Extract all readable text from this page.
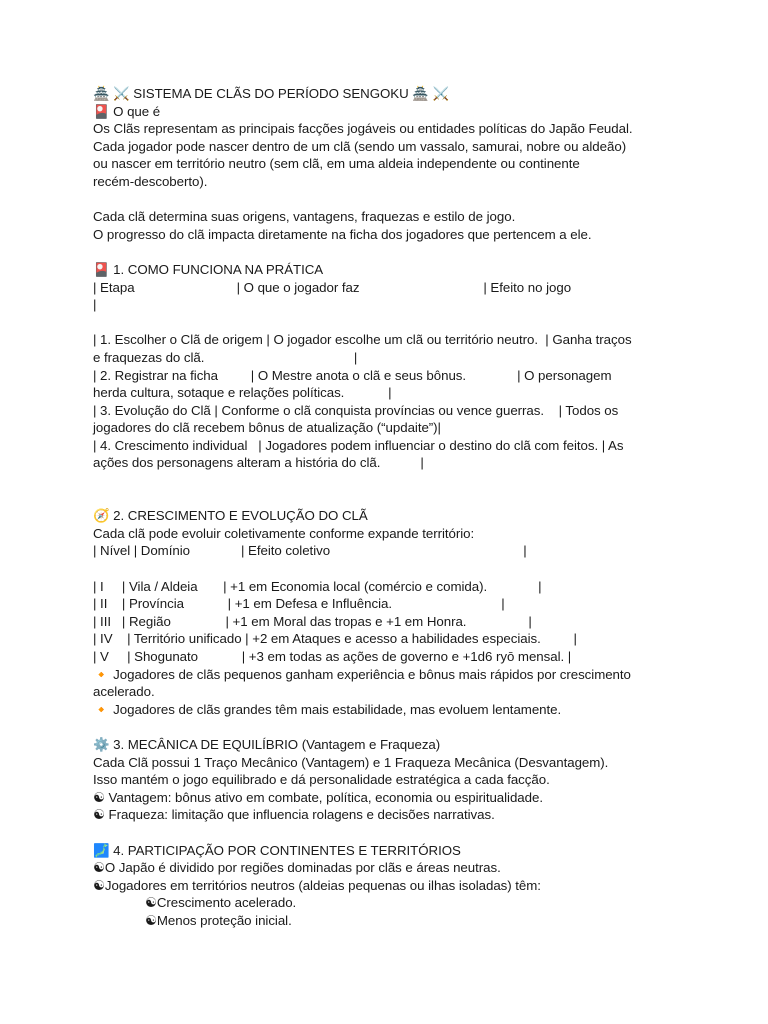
🏯 ⚔️ SISTEMA DE CLÃS DO PERÍODO SENGOKU 🏯 ⚔️

🎴 O que é

Os Clãs representam as principais facções jogáveis ou entidades políticas do Japão Feudal.

Cada jogador pode nascer dentro de um clã (sendo um vassalo, samurai, nobre ou aldeão)

ou nascer em território neutro (sem clã, em uma aldeia independente ou continente

recém-descoberto).

Cada clã determina suas origens, vantagens, fraquezas e estilo de jogo.

O progresso do clã impacta diretamente na ficha dos jogadores que pertencem a ele.

🎴 1. COMO FUNCIONA NA PRÁTICA

| Etapa                            | O que o jogador faz                                  | Efeito no jogo

|

| 1. Escolher o Clã de origem | O jogador escolhe um clã ou território neutro.  | Ganha traços

e fraquezas do clã.                                         |

| 2. Registrar na ficha         | O Mestre anota o clã e seus bônus.              | O personagem

herda cultura, sotaque e relações políticas.            |

| 3. Evolução do Clã | Conforme o clã conquista províncias ou vence guerras.    | Todos os

jogadores do clã recebem bônus de atualização (“updaite”)|

| 4. Crescimento individual   | Jogadores podem influenciar o destino do clã com feitos. | As

ações dos personagens alteram a história do clã.           |

🧭 2. CRESCIMENTO E EVOLUÇÃO DO CLÃ

Cada clã pode evoluir coletivamente conforme expande território:

| Nível | Domínio              | Efeito coletivo                                                     |

| I     | Vila / Aldeia       | +1 em Economia local (comércio e comida).              |

| II    | Província            | +1 em Defesa e Influência.                              |

| III   | Região               | +1 em Moral das tropas e +1 em Honra.                 |

| IV    | Território unificado | +2 em Ataques e acesso a habilidades especiais.         |

| V     | Shogunato            | +3 em todas as ações de governo e +1d6 ryō mensal. |

🔸 Jogadores de clãs pequenos ganham experiência e bônus mais rápidos por crescimento

acelerado.

🔸 Jogadores de clãs grandes têm mais estabilidade, mas evoluem lentamente.

⚙️ 3. MECÂNICA DE EQUILÍBRIO (Vantagem e Fraqueza)

Cada Clã possui 1 Traço Mecânico (Vantagem) e 1 Fraqueza Mecânica (Desvantagem).

Isso mantém o jogo equilibrado e dá personalidade estratégica a cada facção.

☯ Vantagem: bônus ativo em combate, política, economia ou espiritualidade.

☯ Fraqueza: limitação que influencia rolagens e decisões narrativas.

🗾 4. PARTICIPAÇÃO POR CONTINENTES E TERRITÓRIOS

☯O Japão é dividido por regiões dominadas por clãs e áreas neutras.

☯Jogadores em territórios neutros (aldeias pequenas ou ilhas isoladas) têm:

☯Crescimento acelerado.

☯Menos proteção inicial.
